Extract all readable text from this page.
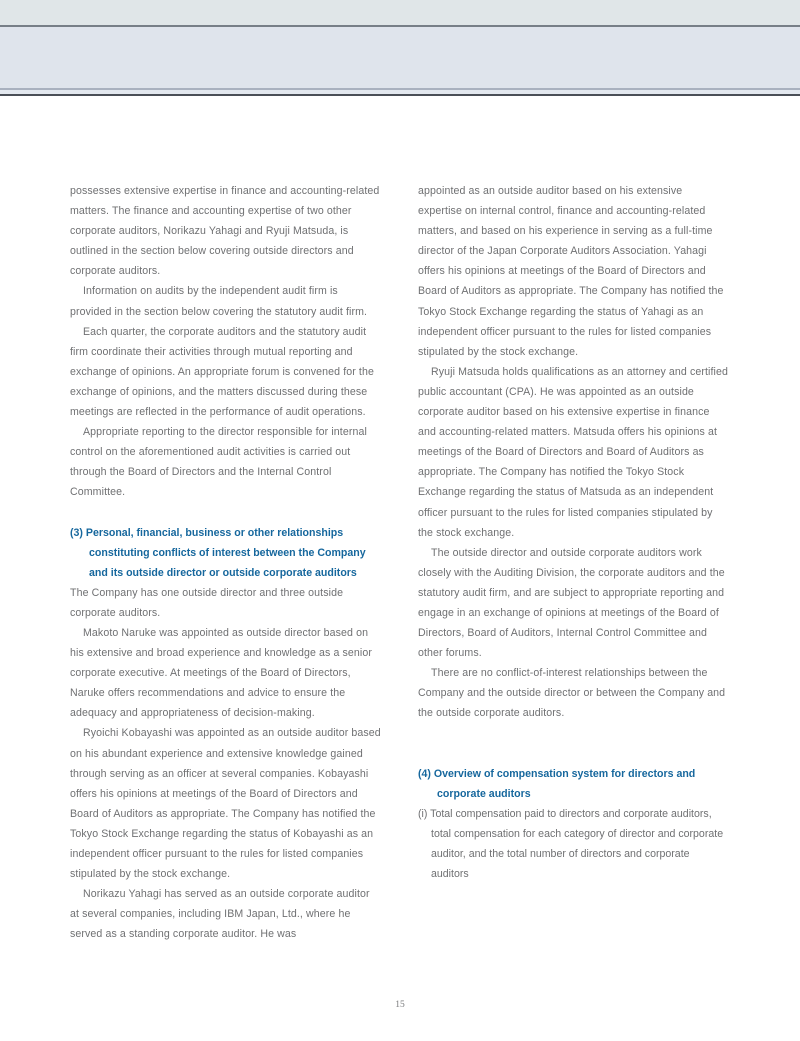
possesses extensive expertise in finance and accounting-related matters. The finance and accounting expertise of two other corporate auditors, Norikazu Yahagi and Ryuji Matsuda, is outlined in the section below covering outside directors and corporate auditors.

Information on audits by the independent audit firm is provided in the section below covering the statutory audit firm.

Each quarter, the corporate auditors and the statutory audit firm coordinate their activities through mutual reporting and exchange of opinions. An appropriate forum is convened for the exchange of opinions, and the matters discussed during these meetings are reflected in the performance of audit operations.

Appropriate reporting to the director responsible for internal control on the aforementioned audit activities is carried out through the Board of Directors and the Internal Control Committee.

(3) Personal, financial, business or other relationships constituting conflicts of interest between the Company and its outside director or outside corporate auditors

The Company has one outside director and three outside corporate auditors.

Makoto Naruke was appointed as outside director based on his extensive and broad experience and knowledge as a senior corporate executive. At meetings of the Board of Directors, Naruke offers recommendations and advice to ensure the adequacy and appropriateness of decision-making.

Ryoichi Kobayashi was appointed as an outside auditor based on his abundant experience and extensive knowledge gained through serving as an officer at several companies. Kobayashi offers his opinions at meetings of the Board of Directors and Board of Auditors as appropriate. The Company has notified the Tokyo Stock Exchange regarding the status of Kobayashi as an independent officer pursuant to the rules for listed companies stipulated by the stock exchange.

Norikazu Yahagi has served as an outside corporate auditor at several companies, including IBM Japan, Ltd., where he served as a standing corporate auditor. He was

appointed as an outside auditor based on his extensive expertise on internal control, finance and accounting-related matters, and based on his experience in serving as a full-time director of the Japan Corporate Auditors Association. Yahagi offers his opinions at meetings of the Board of Directors and Board of Auditors as appropriate. The Company has notified the Tokyo Stock Exchange regarding the status of Yahagi as an independent officer pursuant to the rules for listed companies stipulated by the stock exchange.

Ryuji Matsuda holds qualifications as an attorney and certified public accountant (CPA). He was appointed as an outside corporate auditor based on his extensive expertise in finance and accounting-related matters. Matsuda offers his opinions at meetings of the Board of Directors and Board of Auditors as appropriate. The Company has notified the Tokyo Stock Exchange regarding the status of Matsuda as an independent officer pursuant to the rules for listed companies stipulated by the stock exchange.

The outside director and outside corporate auditors work closely with the Auditing Division, the corporate auditors and the statutory audit firm, and are subject to appropriate reporting and engage in an exchange of opinions at meetings of the Board of Directors, Board of Auditors, Internal Control Committee and other forums.

There are no conflict-of-interest relationships between the Company and the outside director or between the Company and the outside corporate auditors.

(4) Overview of compensation system for directors and corporate auditors

(i) Total compensation paid to directors and corporate auditors, total compensation for each category of director and corporate auditor, and the total number of directors and corporate auditors

15
